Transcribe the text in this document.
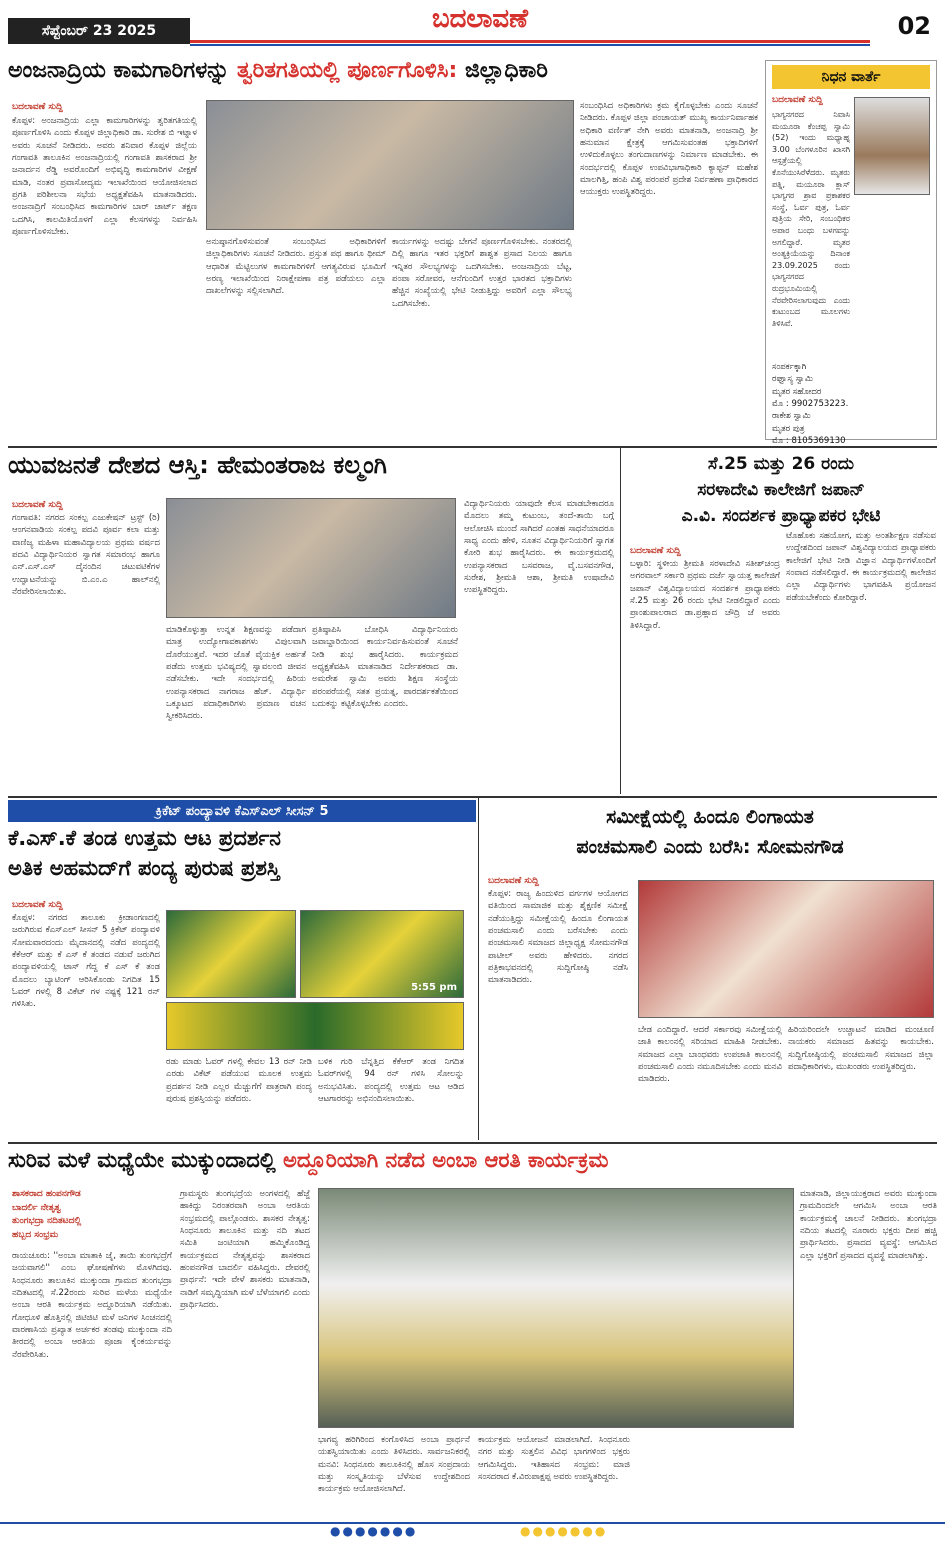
ಸೆಪ್ಟೆಂಬರ್ 23 2025	ಬದಲಾವಣೆ	02
ಅಂಜನಾದ್ರಿಯ ಕಾಮಗಾರಿಗಳನ್ನು ತ್ವರಿತಗತಿಯಲ್ಲಿ ಪೂರ್ಣಗೊಳಿಸಿ: ಜಿಲ್ಲಾಧಿಕಾರಿ
ಬದಲಾವಣೆ ಸುದ್ದಿ
ಕೊಪ್ಪಳ: ಅಂಜನಾದ್ರಿಯ ಎಲ್ಲಾ ಕಾಮಗಾರಿಗಳನ್ನು ತ್ವರಿತಗತಿಯಲ್ಲಿ ಪೂರ್ಣಗೊಳಿಸಿ ಎಂದು ಕೊಪ್ಪಳ ಜಿಲ್ಲಾಧಿಕಾರಿ ಡಾ. ಸುರೇಶ ಬಿ ಇಟ್ನಾಳ ಅವರು ಸೂಚನೆ ನೀಡಿದರು. ಅವರು ಶನಿವಾರ ಕೊಪ್ಪಳ ಜಿಲ್ಲೆಯ ಗಂಗಾವತಿ ತಾಲೂಕಿನ ಅಂಜನಾದ್ರಿಯಲ್ಲಿ ಗಂಗಾವತಿ ಶಾಸಕರಾದ ಶ್ರೀ ಜನಾರ್ದನ ರೆಡ್ಡಿ ಅವರೊಂದಿಗೆ ಅಭಿವೃದ್ಧಿ ಕಾಮಗಾರಿಗಳ ವೀಕ್ಷಣೆ ಮಾಡಿ, ನಂತರ ಪ್ರವಾಸೋದ್ಯಮ ಇಲಾಖೆಯಿಂದ ಆಯೋಜಿಸಲಾದ ಪ್ರಗತಿ ಪರಿಶೀಲನಾ ಸಭೆಯ ಅಧ್ಯಕ್ಷತೆವಹಿಸಿ ಮಾತನಾಡಿದರು. ಅಂಜನಾದ್ರಿಗೆ ಸಂಬಂಧಿಸಿದ ಕಾಮಗಾರಿಗಳ ಬಾರ್ ಚಾರ್ಟ್ ತಕ್ಷಣ ಒದಗಿಸಿ, ಕಾಲಮಿತಿಯೊಳಗೆ ಎಲ್ಲಾ ಕೆಲಸಗಳನ್ನು ನಿರ್ವಹಿಸಿ ಪೂರ್ಣಗೊಳಿಸಬೇಕು.
ಅನುಷ್ಠಾನಗೊಳಿಸುವಂತೆ ಸಂಬಂಧಿಸಿದ ಅಧಿಕಾರಿಗಳಿಗೆ ಜಿಲ್ಲಾಧಿಕಾರಿಗಳು ಸೂಚನೆ ನೀಡಿದರು. ಪ್ರಸ್ತುತ ಪಥ ಹಾಗೂ ಥೀಮ್ ಆಧಾರಿತ ಮೆಟ್ಟಿಲುಗಳ ಕಾಮಗಾರಿಗಳಿಗೆ ಆಗತ್ಯವಿರುವ ಭೂಮಿಗೆ ಅರಣ್ಯ ಇಲಾಖೆಯಿಂದ ನಿರಾಕ್ಷೇಪಣಾ ಪತ್ರ ಪಡೆಯಲು ಎಲ್ಲಾ ದಾಖಲೆಗಳನ್ನು ಸಲ್ಲಿಸಲಾಗಿದೆ.
ಕಾರ್ಯಗಳನ್ನು ಅದಷ್ಟು ಬೇಗನೆ ಪೂರ್ಣಗೊಳಿಸಬೇಕು. ನಂತರದಲ್ಲಿ ದಿಲ್ಲಿ ಹಾಗೂ ಇತರ ಭಕ್ತರಿಗೆ ಶಾಶ್ವತ ಪ್ರಸಾದ ನಿಲಯ ಹಾಗೂ ಇನ್ನಿತರ ಸೌಲಭ್ಯಗಳನ್ನು ಒದಗಿಸಬೇಕು. ಅಂಜನಾದ್ರಿಯ ಬೆಟ್ಟ, ಪಂಪಾ ಸರೋವರ, ಆನೆಗುಂದಿಗೆ ಉತ್ತರ ಭಾರತದ ಭಕ್ತಾದಿಗಳು ಹೆಚ್ಚಿನ ಸಂಖ್ಯೆಯಲ್ಲಿ ಭೇಟಿ ನೀಡುತ್ತಿದ್ದು ಅವರಿಗೆ ಎಲ್ಲಾ ಸೌಲಭ್ಯ ಒದಗಿಸಬೇಕು.
ಸಂಬಂಧಿಸಿದ ಅಧಿಕಾರಿಗಳು ಕ್ರಮ ಕೈಗೊಳ್ಳಬೇಕು ಎಂದು ಸೂಚನೆ ನೀಡಿದರು. ಕೊಪ್ಪಳ ಜಿಲ್ಲಾ ಪಂಚಾಯತ್ ಮುಖ್ಯ ಕಾರ್ಯನಿರ್ವಾಹಕ ಅಧಿಕಾರಿ ವರ್ಣಿತ್ ನೇಗಿ ಅವರು ಮಾತನಾಡಿ, ಅಂಜನಾದ್ರಿ ಶ್ರೀ ಹನುಮಾನ ಕ್ಷೇತ್ರಕ್ಕೆ ಆಗಮಿಸುವಂತಹ ಭಕ್ತಾದಿಗಳಿಗೆ ಉಳಿದುಕೊಳ್ಳಲು ತಂಗುದಾಣಗಳನ್ನು ನಿರ್ಮಾಣ ಮಾಡಬೇಕು. ಈ ಸಂದರ್ಭದಲ್ಲಿ ಕೊಪ್ಪಳ ಉಪವಿಭಾಗಾಧಿಕಾರಿ ಕ್ಯಾಪ್ಟನ್ ಮಹೇಶ ಮಾಲಗಿತ್ತಿ, ಹಂಪಿ ವಿಶ್ವ ಪರಂಪರೆ ಪ್ರದೇಶ ನಿರ್ವಹಣಾ ಪ್ರಾಧಿಕಾರದ ಆಯುಕ್ತರು ಉಪಸ್ಥಿತರಿದ್ದರು.
ನಿಧನ ವಾರ್ತೆ
ಬದಲಾವಣೆ ಸುದ್ದಿ
ಭಾಗ್ಯನಗರದ ನಿವಾಸಿ ಮಯೂರಾ ಕೆಂಚಪ್ಪ ಸ್ವಾಮಿ (52) ಇಂದು ಮಧ್ಯಾಹ್ನ 3.00 ಬೆಂಗಳೂರಿನ ಖಾಸಗಿ ಆಸ್ಪತ್ರೆಯಲ್ಲಿ ಕೊನೆಯುಸಿರೆಳೆದರು. ಮೃತರು ಪತ್ನಿ, ಮಯೂರಾ ಕ್ಲಾಸ್ ಭಾಗ್ಯಗರ ಶ್ರಾವ ಪ್ರಕಾಶಕರ ಸಂಸ್ಥೆ, ಓರ್ವ ಪುತ್ರ, ಓರ್ವ ಪುತ್ರಿಯ ಸೇರಿ, ಸಂಬಂಧಿಕರ ಅಪಾರ ಬಂಧು ಬಳಗವನ್ನು ಅಗಲಿದ್ದಾರೆ. ಮೃತರ ಅಂತ್ಯಕ್ರಿಯೆಯನ್ನು ದಿನಾಂಕ 23.09.2025 ರಂದು ಭಾಗ್ಯನಗರದ ರುದ್ರಭೂಮಿಯಲ್ಲಿ ನೆರವೇರಿಸಲಾಗುವುದು ಎಂದು ಕುಟುಂಬದ ಮೂಲಗಳು ತಿಳಿಸಿವೆ.
ಸಂಪರ್ಕಕ್ಕಾಗಿ
ರಘ್ವಾಸ್ಯ ಸ್ವಾಮಿ
ಮೃತರ ಸಹೋದರ
ಮೊ : 9902753223.
ರಾಕೇಶ ಸ್ವಾಮಿ
ಮೃತರ ಪುತ್ರ
ಮೊ : 8105369130
ಯುವಜನತೆ ದೇಶದ ಆಸ್ತಿ: ಹೇಮಂತರಾಜ ಕಲ್ಮಂಗಿ
ಬದಲಾವಣೆ ಸುದ್ದಿ
ಗಂಗಾವತಿ: ನಗರದ ಸಂಕಲ್ಪ ಎಜುಕೇಷನ್ ಟ್ರಸ್ಟ್ (ರಿ) ಆಂಗನವಾಡಿಯ ಸಂಕಲ್ಪ ಪದವಿ ಪೂರ್ವ ಕಲಾ ಮತ್ತು ವಾಣಿಜ್ಯ ಮಹಿಳಾ ಮಹಾವಿದ್ಯಾಲಯ ಪ್ರಥಮ ವರ್ಷದ ಪದವಿ ವಿದ್ಯಾರ್ಥಿನಿಯರ ಸ್ವಾಗತ ಸಮಾರಂಭ ಹಾಗೂ ಎನ್.ಎಸ್.ಎಸ್ ದೈನಂದಿನ ಚಟುವಟಿಕೆಗಳ ಉದ್ಘಾಟನೆಯನ್ನು ಬಿ.ಎಂ.ಎ ಹಾಲ್‌ನಲ್ಲಿ ನೆರವೇರಿಸಲಾಯಿತು.
ಮಾಡಿಕೊಳ್ಳುತ್ತಾ ಉನ್ನತ ಶಿಕ್ಷಣವನ್ನು ಪಡೆದಾಗ ಮಾತ್ರ ಉದ್ಯೋಗಾವಕಾಶಗಳು ವಿಪುಲವಾಗಿ ದೊರೆಯುತ್ತವೆ. ಇದರ ಜೊತೆ ವೈಯಕ್ತಿಕ ಅರ್ಹತೆ ಪಡೆದು ಉತ್ತಮ ಭವಿಷ್ಯದಲ್ಲಿ ಸ್ವಾವಲಂಬಿ ಜೀವನ ನಡೆಸಬೇಕು. ಇದೇ ಸಂದರ್ಭದಲ್ಲಿ ಹಿರಿಯ ಉಪನ್ಯಾಸಕರಾದ ನಾಗರಾಜ ಹೆಚ್. ವಿದ್ಯಾರ್ಥಿ ಒಕ್ಕೂಟದ ಪದಾಧಿಕಾರಿಗಳು ಪ್ರಮಾಣ ವಚನ ಸ್ವೀಕರಿಸಿದರು.
ಪ್ರತಿಷ್ಠಾಪಿಸಿ ಬೋಧಿಸಿ ವಿದ್ಯಾರ್ಥಿನಿಯರು ಜವಾಬ್ದಾರಿಯಿಂದ ಕಾರ್ಯನಿರ್ವಹಿಸುವಂತೆ ಸೂಚನೆ ನೀಡಿ ಶುಭ ಹಾರೈಸಿದರು. ಕಾರ್ಯಕ್ರಮದ ಅಧ್ಯಕ್ಷತೆವಹಿಸಿ ಮಾತನಾಡಿದ ನಿರ್ದೇಶಕರಾದ ಡಾ. ಅಮರೇಶ ಸ್ವಾಮಿ ಅವರು ಶಿಕ್ಷಣ ಸಂಸ್ಥೆಯ ಪರಂಪರೆಯಲ್ಲಿ ಸತತ ಪ್ರಯತ್ನ, ಪಾರದರ್ಶಕತೆಯಿಂದ ಬದುಕನ್ನು ಕಟ್ಟಿಕೊಳ್ಳಬೇಕು ಎಂದರು.
ವಿದ್ಯಾರ್ಥಿನಿಯರು ಯಾವುದೇ ಕೆಲಸ ಮಾಡಬೇಕಾದರೂ ಮೊದಲು ತಮ್ಮ ಕುಟುಂಬ, ತಂದೆ-ತಾಯಿ ಬಗ್ಗೆ ಆಲೋಚಿಸಿ ಮುಂದೆ ಸಾಗಿದರೆ ಎಂತಹ ಸಾಧನೆಯಾದರೂ ಸಾಧ್ಯ ಎಂದು ಹೇಳಿ, ನೂತನ ವಿದ್ಯಾರ್ಥಿನಿಯರಿಗೆ ಸ್ವಾಗತ ಕೋರಿ ಶುಭ ಹಾರೈಸಿದರು. ಈ ಕಾರ್ಯಕ್ರಮದಲ್ಲಿ ಉಪನ್ಯಾಸಕರಾದ ಬಸವರಾಜ, ವೈ.ಬಸವನಗೌಡ, ಸುರೇಶ, ಶ್ರೀಮತಿ ಆಶಾ, ಶ್ರೀಮತಿ ಉಷಾದೇವಿ ಉಪಸ್ಥಿತರಿದ್ದರು.
ಸೆ.25 ಮತ್ತು 26 ರಂದು
ಸರಳಾದೇವಿ ಕಾಲೇಜಿಗೆ ಜಪಾನ್
ಎ.ವಿ. ಸಂದರ್ಶಕ ಪ್ರಾಧ್ಯಾಪಕರ ಭೇಟಿ
ಬದಲಾವಣೆ ಸುದ್ದಿ
ಬಳ್ಳಾರಿ: ಸ್ಥಳೀಯ ಶ್ರೀಮತಿ ಸರಳಾದೇವಿ ಸತೀಶ್‌ಚಂದ್ರ ಅಗರವಾಲ್ ಸರ್ಕಾರಿ ಪ್ರಥಮ ದರ್ಜೆ ಸ್ವಾಯತ್ತ ಕಾಲೇಜಿಗೆ ಜಪಾನ್ ವಿಶ್ವವಿದ್ಯಾಲಯದ ಸಂದರ್ಶಕ ಪ್ರಾಧ್ಯಾಪಕರು ಸೆ.25 ಮತ್ತು 26 ರಂದು ಭೇಟಿ ನೀಡಲಿದ್ದಾರೆ ಎಂದು ಪ್ರಾಂಶುಪಾಲರಾದ ಡಾ.ಪ್ರಹ್ಲಾದ ಚೌದ್ರಿ ಜೆ ಅವರು ತಿಳಿಸಿದ್ದಾರೆ.
ಟೊಹೊಕು ಸಹಯೋಗ, ಮತ್ತು ಅಂತರ್ಶಿಕ್ಷಣ ನಡೆಸುವ ಉದ್ದೇಶದಿಂದ ಜಪಾನ್ ವಿಶ್ವವಿದ್ಯಾಲಯದ ಪ್ರಾಧ್ಯಾಪಕರು ಕಾಲೇಜಿಗೆ ಭೇಟಿ ನೀಡಿ ವಿಜ್ಞಾನ ವಿದ್ಯಾರ್ಥಿಗಳೊಂದಿಗೆ ಸಂವಾದ ನಡೆಸಲಿದ್ದಾರೆ. ಈ ಕಾರ್ಯಕ್ರಮದಲ್ಲಿ ಕಾಲೇಜಿನ ಎಲ್ಲಾ ವಿದ್ಯಾರ್ಥಿಗಳು ಭಾಗವಹಿಸಿ ಪ್ರಯೋಜನ ಪಡೆಯಬೇಕೆಂದು ಕೋರಿದ್ದಾರೆ.
ಕ್ರಿಕೆಟ್ ಪಂದ್ಯಾವಳಿ ಕೆಎಸ್‌ಎಲ್ ಸೀಸನ್ 5
ಕೆ.ಎಸ್.ಕೆ ತಂಡ ಉತ್ತಮ ಆಟ ಪ್ರದರ್ಶನ
ಅತಿಕ ಅಹಮದ್‌ಗೆ ಪಂದ್ಯ ಪುರುಷ ಪ್ರಶಸ್ತಿ
ಬದಲಾವಣೆ ಸುದ್ದಿ
ಕೊಪ್ಪಳ: ನಗರದ ತಾಲೂಕು ಕ್ರೀಡಾಂಗಣದಲ್ಲಿ ಜರುಗಿರುವ ಕೆಎಸ್‌ಎಲ್ ಸೀಸನ್ 5 ಕ್ರಿಕೆಟ್ ಪಂದ್ಯಾವಳಿ ಸೋಮವಾರದಂದು ಮೈದಾನದಲ್ಲಿ ನಡೆದ ಪಂದ್ಯದಲ್ಲಿ ಕೆಕೆಆರ್ ಮತ್ತು ಕೆ ಎಸ್ ಕೆ ತಂಡದ ನಡುವೆ ಜರುಗಿದ ಪಂದ್ಯಾವಳಿಯಲ್ಲಿ ಟಾಸ್ ಗೆದ್ದ ಕೆ ಎಸ್ ಕೆ ತಂಡ ಮೊದಲು ಬ್ಯಾಟಿಂಗ್ ಆರಿಸಿಕೊಂಡು ನಿಗದಿತ 15 ಓವರ್ ಗಳಲ್ಲಿ 8 ವಿಕೆಟ್ ಗಳ ನಷ್ಟಕ್ಕೆ 121 ರನ್ ಗಳಿಸಿತು.
5:55 pm
ರಡು ಮಾಡು ಓವರ್ ಗಳಲ್ಲಿ ಕೇವಲ 13 ರನ್ ನೀಡಿ ಎರಡು ವಿಕೆಟ್ ಪಡೆಯುವ ಮೂಲಕ ಉತ್ತಮ ಪ್ರದರ್ಶನ ನೀಡಿ ಎಲ್ಲರ ಮೆಚ್ಚುಗೆಗೆ ಪಾತ್ರರಾಗಿ ಪಂದ್ಯ ಪುರುಷ ಪ್ರಶಸ್ತಿಯನ್ನು ಪಡೆದರು.
ಬಳಿಕ ಗುರಿ ಬೆನ್ನತ್ತಿದ ಕೆಕೆಆರ್ ತಂಡ ನಿಗದಿತ ಓವರ್‌ಗಳಲ್ಲಿ 94 ರನ್ ಗಳಿಸಿ ಸೋಲನ್ನು ಅನುಭವಿಸಿತು. ಪಂದ್ಯದಲ್ಲಿ ಉತ್ತಮ ಆಟ ಆಡಿದ ಆಟಗಾರರನ್ನು ಅಭಿನಂದಿಸಲಾಯಿತು.
ಸಮೀಕ್ಷೆಯಲ್ಲಿ ಹಿಂದೂ ಲಿಂಗಾಯತ
ಪಂಚಮಸಾಲಿ ಎಂದು ಬರೆಸಿ: ಸೋಮನಗೌಡ
ಬದಲಾವಣೆ ಸುದ್ದಿ
ಕೊಪ್ಪಳ: ರಾಜ್ಯ ಹಿಂದುಳಿದ ವರ್ಗಗಳ ಆಯೋಗದ ವತಿಯಿಂದ ಸಾಮಾಜಿಕ ಮತ್ತು ಶೈಕ್ಷಣಿಕ ಸಮೀಕ್ಷೆ ನಡೆಯುತ್ತಿದ್ದು ಸಮೀಕ್ಷೆಯಲ್ಲಿ ಹಿಂದೂ ಲಿಂಗಾಯತ ಪಂಚಮಸಾಲಿ ಎಂದು ಬರೆಸಬೇಕು ಎಂದು ಪಂಚಮಸಾಲಿ ಸಮಾಜದ ಜಿಲ್ಲಾಧ್ಯಕ್ಷ ಸೋಮನಗೌಡ ಪಾಟೀಲ್ ಅವರು ಹೇಳಿದರು. ನಗರದ ಪತ್ರಿಕಾಭವನದಲ್ಲಿ ಸುದ್ದಿಗೋಷ್ಠಿ ನಡೆಸಿ ಮಾತನಾಡಿದರು.
ಬೇಡ ಎಂದಿದ್ದಾರೆ. ಆದರೆ ಸರ್ಕಾರವು ಸಮೀಕ್ಷೆಯಲ್ಲಿ ಜಾತಿ ಕಾಲಂನಲ್ಲಿ ಸರಿಯಾದ ಮಾಹಿತಿ ನೀಡಬೇಕು. ಸಮಾಜದ ಎಲ್ಲಾ ಬಾಂಧವರು ಉಪಜಾತಿ ಕಾಲಂನಲ್ಲಿ ಪಂಚಮಸಾಲಿ ಎಂದು ನಮೂದಿಸಬೇಕು ಎಂದು ಮನವಿ ಮಾಡಿದರು.
ಹಿರಿಯರಿಂದಲೇ ಉಚ್ಚಾಟನೆ ಮಾಡಿದ ಮಂಚೂಣಿ ನಾಯಕರು ಸಮಾಜದ ಹಿತವನ್ನು ಕಾಯಬೇಕು. ಸುದ್ದಿಗೋಷ್ಠಿಯಲ್ಲಿ ಪಂಚಮಸಾಲಿ ಸಮಾಜದ ಜಿಲ್ಲಾ ಪದಾಧಿಕಾರಿಗಳು, ಮುಖಂಡರು ಉಪಸ್ಥಿತರಿದ್ದರು.
ಸುರಿವ ಮಳೆ ಮಧ್ಯೆಯೇ ಮುಕ್ಕುಂದಾದಲ್ಲಿ ಅದ್ದೂರಿಯಾಗಿ ನಡೆದ ಅಂಬಾ ಆರತಿ ಕಾರ್ಯಕ್ರಮ
ಶಾಸಕರಾದ ಹಂಪನಗೌಡ
ಬಾದರ್ಲಿ ನೇತೃತ್ವ
ತುಂಗಭದ್ರಾ ನದಿತಟದಲ್ಲಿ
ಹಬ್ಬದ ಸಂಭ್ರಮ
ರಾಯಚೂರು: ''ಅಂಬಾ ಮಾತಾಕಿ ಜೈ, ತಾಯಿ ತುಂಗಭದ್ರೆಗೆ ಜಯವಾಗಲಿ'' ಎಂಬ ಘೋಷಣೆಗಳು ಮೊಳಗಿದವು. ಸಿಂಧನೂರು ತಾಲೂಕಿನ ಮುಕ್ಕುಂದಾ ಗ್ರಾಮದ ತುಂಗಭದ್ರಾ ನದಿತಟದಲ್ಲಿ ಸೆ.22ರಂದು ಸುರಿವ ಮಳೆಯ ಮಧ್ಯೆಯೇ ಅಂಬಾ ಆರತಿ ಕಾರ್ಯಕ್ರಮ ಅದ್ದೂರಿಯಾಗಿ ನಡೆಯಿತು. ಗೋಧೂಳಿ ಹೊತ್ತಿನಲ್ಲಿ ಜಿಟಿಜಿಟಿ ಮಳೆ ಜನಿಗಳ ಸಿಂಚನದಲ್ಲಿ ವಾರಣಾಸಿಯ ಪ್ರಖ್ಯಾತ ಅರ್ಚಕರ ತಂಡವು ಮುಕ್ಕುಂದಾ ನದಿ ತೀರದಲ್ಲಿ ಅಂಬಾ ಆರತಿಯ ಪೂಜಾ ಕೈಂಕರ್ಯವನ್ನು ನೆರವೇರಿಸಿತು.
ಗ್ರಾಮಸ್ಥರು ತುಂಗಭದ್ರೆಯ ಅಂಗಳದಲ್ಲಿ ಹೆಜ್ಜೆ ಹಾಕಿದ್ದು ನಿರಂತರವಾಗಿ ಅಂಬಾ ಆರತಿಯ ಸಂಭ್ರಮದಲ್ಲಿ ಪಾಲ್ಗೊಂಡರು. ಶಾಸಕರ ನೇತೃತ್ವ: ಸಿಂಧನೂರು ತಾಲೂಕಿನ ಮತ್ತು ನದಿ ತಟದ ಸಮಿತಿ ಜಂಟಿಯಾಗಿ ಹಮ್ಮಿಕೊಂಡಿದ್ದ ಕಾರ್ಯಕ್ರಮದ ನೇತೃತ್ವವನ್ನು ಶಾಸಕರಾದ ಹಂಪನಗೌಡ ಬಾದರ್ಲಿ ವಹಿಸಿದ್ದರು. ದೇವರಲ್ಲಿ ಪ್ರಾರ್ಥನೆ: ಇದೇ ವೇಳೆ ಶಾಸಕರು ಮಾತನಾಡಿ, ನಾಡಿಗೆ ಸಮೃದ್ಧಿಯಾಗಿ ಮಳೆ ಬೆಳೆಯಾಗಲಿ ಎಂದು ಪ್ರಾರ್ಥಿಸಿದರು.
ಭಾಗವ್ಯ ಹರಿಗಿರಿಂದ ಕಂಗೊಳಿಸಿದ ಅಂಬಾ ಪ್ರಾರ್ಥನೆ ಯಶಸ್ವಿಯಾಯಿತು ಎಂದು ತಿಳಿಸಿದರು. ಸಾರ್ವಜನಿಕರಲ್ಲಿ ಮನವಿ: ಸಿಂಧನೂರು ತಾಲೂಕಿನಲ್ಲಿ ಹೊಸ ಸಂಪ್ರದಾಯ ಮತ್ತು ಸಂಸ್ಕೃತಿಯನ್ನು ಬೆಳೆಸುವ ಉದ್ದೇಶದಿಂದ ಕಾರ್ಯಕ್ರಮ ಆಯೋಜಿಸಲಾಗಿದೆ.
ಕಾರ್ಯಕ್ರಮ ಆಯೋಜನೆ ಮಾಡಲಾಗಿದೆ. ಸಿಂಧನೂರು ನಗರ ಮತ್ತು ಸುತ್ತಲಿನ ವಿವಿಧ ಭಾಗಗಳಿಂದ ಭಕ್ತರು ಆಗಮಿಸಿದ್ದರು. ಇತಿಹಾಸದ ಸಂಭ್ರಮ: ಮಾಜಿ ಸಂಸದರಾದ ಕೆ.ವಿರುಪಾಕ್ಷಪ್ಪ ಅವರು ಉಪಸ್ಥಿತರಿದ್ದರು.
ಮಾತನಾಡಿ, ಜಿಲ್ಲಾಯುಕ್ತರಾದ ಅವರು ಮುಕ್ಕುಂದಾ ಗ್ರಾಮದಿಂದಲೇ ಆಗಮಿಸಿ ಅಂಬಾ ಆರತಿ ಕಾರ್ಯಕ್ರಮಕ್ಕೆ ಚಾಲನೆ ನೀಡಿದರು. ತುಂಗಭದ್ರಾ ನದಿಯ ತಟದಲ್ಲಿ ನೂರಾರು ಭಕ್ತರು ದೀಪ ಹಚ್ಚಿ ಪ್ರಾರ್ಥಿಸಿದರು. ಪ್ರಸಾದದ ವ್ಯವಸ್ಥೆ: ಆಗಮಿಸಿದ ಎಲ್ಲಾ ಭಕ್ತರಿಗೆ ಪ್ರಸಾದದ ವ್ಯವಸ್ಥೆ ಮಾಡಲಾಗಿತ್ತು.
●●●●●●●	●●●●●●●
